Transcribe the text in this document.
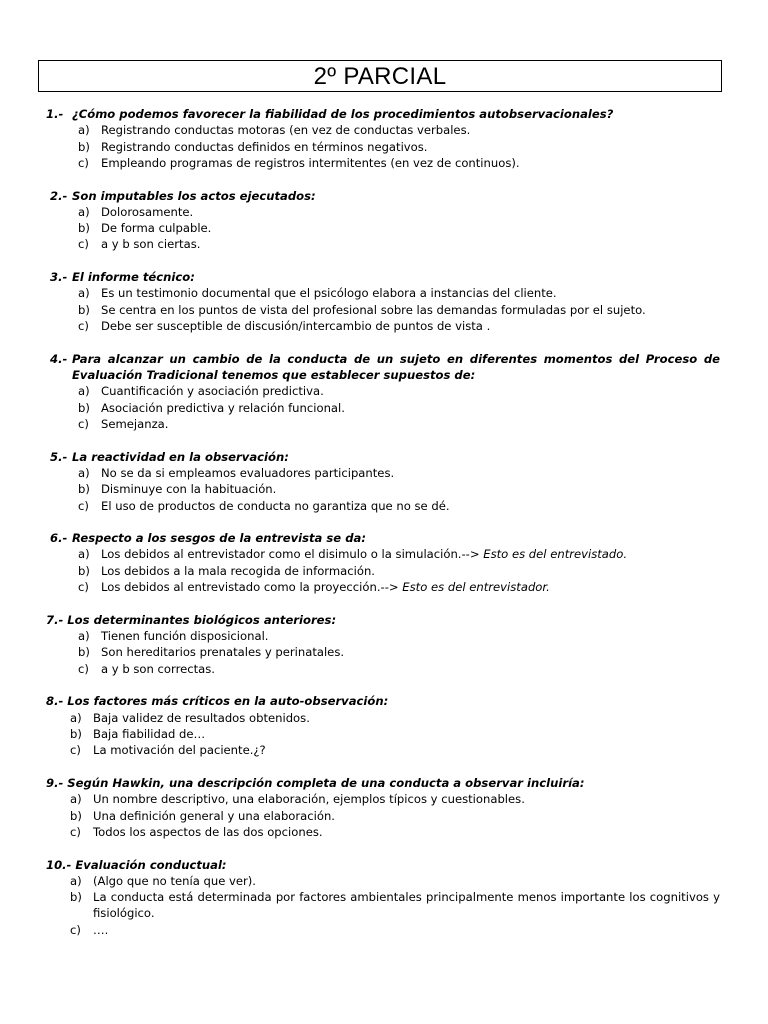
2º PARCIAL
1.- ¿Cómo podemos favorecer la fiabilidad de los procedimientos autobservacionales?
a) Registrando conductas motoras (en vez de conductas verbales.
b) Registrando conductas definidos en términos negativos.
c)	Empleando programas de registros intermitentes (en vez de continuos).
2.- Son imputables los actos ejecutados:
a) Dolorosamente.
b) De forma culpable.
c)	a y b son ciertas.
3.- El informe técnico:
a) Es un testimonio documental que el psicólogo elabora a instancias del cliente.
b) Se centra en los puntos de vista del profesional sobre las demandas formuladas por el sujeto.
c)	Debe ser susceptible de discusión/intercambio de puntos de vista .
4.- Para alcanzar un cambio de la conducta de un sujeto en diferentes momentos del Proceso de Evaluación Tradicional tenemos que establecer supuestos de:
a) Cuantificación y asociación predictiva.
b) Asociación predictiva y relación funcional.
c)	Semejanza.
5.- La reactividad en la observación:
a) No se da si empleamos evaluadores participantes.
b) Disminuye con la habituación.
c)	El uso de productos de conducta no garantiza que no se dé.
6.- Respecto a los sesgos de la entrevista se da:
a) Los debidos al entrevistador como el disimulo o la simulación.--> Esto es del entrevistado.
b) Los debidos a la mala recogida de información.
c)	Los debidos al entrevistado como la proyección.--> Esto es del entrevistador.
7.- Los determinantes biológicos anteriores:
a) Tienen función disposicional.
b) Son hereditarios prenatales y perinatales.
c)	a y b son correctas.
8.- Los factores más críticos en la auto-observación:
a) Baja validez de resultados obtenidos.
b) Baja fiabilidad de…
c)	La motivación del paciente.¿?
9.- Según Hawkin, una descripción completa de una conducta a observar incluiría:
a) Un nombre descriptivo, una elaboración, ejemplos típicos y cuestionables.
b) Una definición general y una elaboración.
c)	Todos los aspectos de las dos opciones.
10.- Evaluación conductual:
a) (Algo que no tenía que ver).
b) La conducta está determinada por factores ambientales principalmente menos importante los cognitivos y fisiológico.
c)	….
